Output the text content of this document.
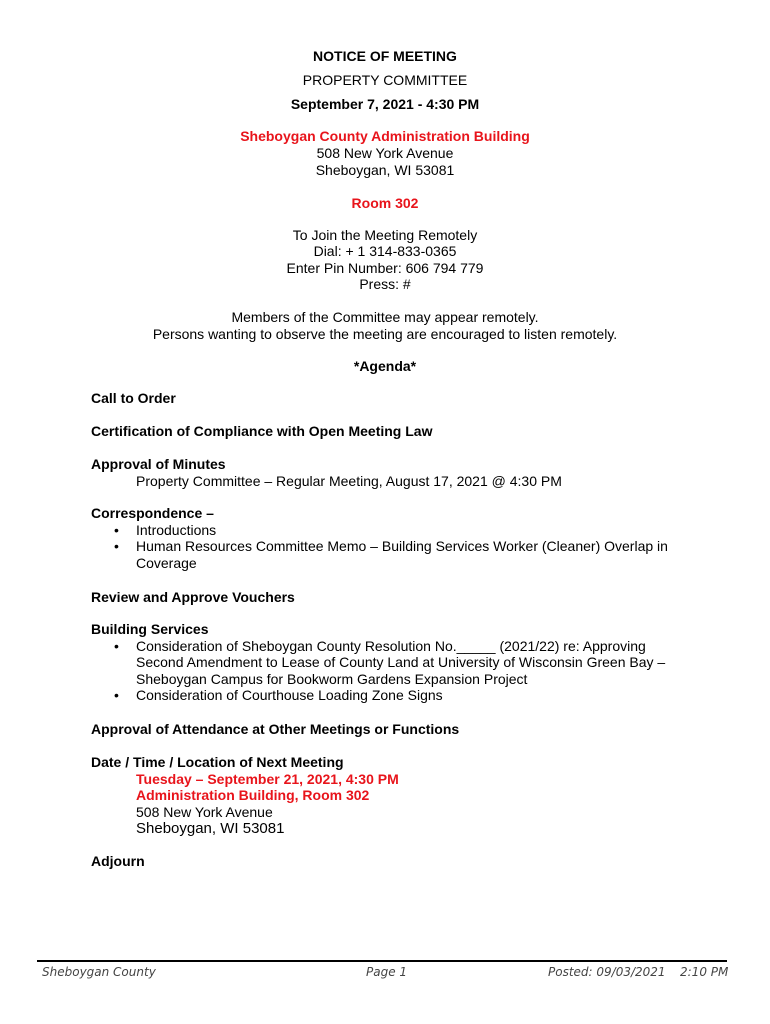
NOTICE OF MEETING
PROPERTY COMMITTEE
September 7, 2021 - 4:30 PM
Sheboygan County Administration Building
508 New York Avenue
Sheboygan, WI 53081
Room 302
To Join the Meeting Remotely
Dial: + 1 314-833-0365
Enter Pin Number: 606 794 779
Press: #
Members of the Committee may appear remotely.
Persons wanting to observe the meeting are encouraged to listen remotely.
*Agenda*
Call to Order
Certification of Compliance with Open Meeting Law
Approval of Minutes
Property Committee – Regular Meeting, August 17, 2021 @ 4:30 PM
Correspondence –
• Introductions
• Human Resources Committee Memo – Building Services Worker (Cleaner) Overlap in Coverage
Review and Approve Vouchers
Building Services
• Consideration of Sheboygan County Resolution No._____ (2021/22) re: Approving Second Amendment to Lease of County Land at University of Wisconsin Green Bay – Sheboygan Campus for Bookworm Gardens Expansion Project
• Consideration of Courthouse Loading Zone Signs
Approval of Attendance at Other Meetings or Functions
Date / Time / Location of Next Meeting
Tuesday – September 21, 2021, 4:30 PM
Administration Building, Room 302
508 New York Avenue
Sheboygan, WI 53081
Adjourn
Sheboygan County	Page 1	Posted: 09/03/2021 2:10 PM
